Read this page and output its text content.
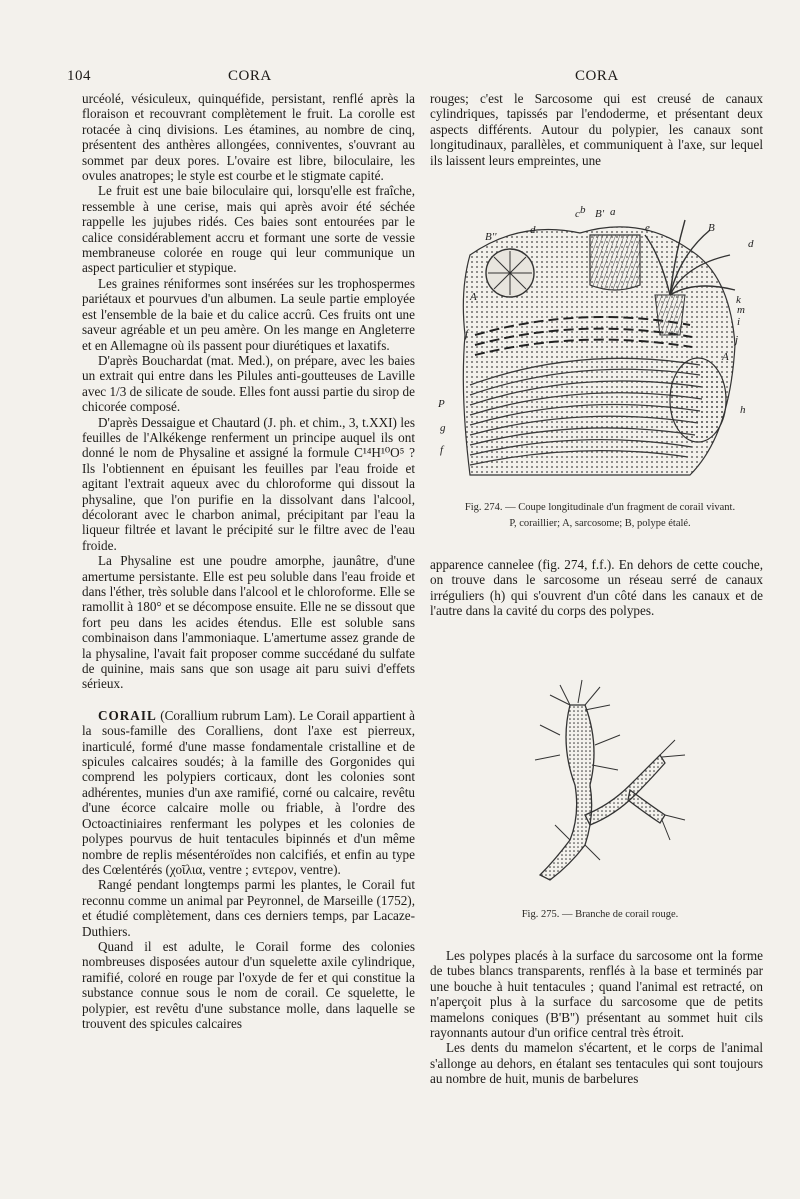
104	CORA	CORA

urcéolé, vésiculeux, quinquéfide, persistant, renflé après la floraison et recouvrant complètement le fruit. La corolle est rotacée à cinq divisions. Les étamines, au nombre de cinq, présentent des anthères allongées, conniventes, s'ouvrant au sommet par deux pores. L'ovaire est libre, biloculaire, les ovules anatropes; le style est courbe et le stigmate capité.

Le fruit est une baie biloculaire qui, lorsqu'elle est fraîche, ressemble à une cerise, mais qui après avoir été séchée rappelle les jujubes ridés. Ces baies sont entourées par le calice considérablement accru et formant une sorte de vessie membraneuse colorée en rouge qui leur communique un aspect particulier et stypique.

Les graines réniformes sont insérées sur les trophospermes pariétaux et pourvues d'un albumen. La seule partie employée est l'ensemble de la baie et du calice accrû. Ces fruits ont une saveur agréable et un peu amère. On les mange en Angleterre et en Allemagne où ils passent pour diurétiques et laxatifs.

D'après Bouchardat (mat. Med.), on prépare, avec les baies un extrait qui entre dans les Pilules anti-goutteuses de Laville avec 1/3 de silicate de soude. Elles font aussi partie du sirop de chicorée composé.

D'après Dessaigue et Chautard (J. ph. et chim., 3, t.XXI) les feuilles de l'Alkékenge renferment un principe auquel ils ont donné le nom de Physaline et assigné la formule C¹⁴H¹⁰O⁵ ? Ils l'obtiennent en épuisant les feuilles par l'eau froide et agitant l'extrait aqueux avec du chloroforme qui dissout la physaline, que l'on purifie en la dissolvant dans l'alcool, décolorant avec le charbon animal, précipitant par l'eau la liqueur filtrée et lavant le précipité sur le filtre avec de l'eau froide.

La Physaline est une poudre amorphe, jaunâtre, d'une amertume persistante. Elle est peu soluble dans l'eau froide et dans l'éther, très soluble dans l'alcool et le chloroforme. Elle se ramollit à 180° et se décompose ensuite. Elle ne se dissout que fort peu dans les acides étendus. Elle est soluble sans combinaison dans l'ammoniaque. L'amertume assez grande de la physaline, l'avait fait proposer comme succédané du sulfate de quinine, mais sans que son usage ait paru suivi d'effets sérieux.

CORAIL (Corallium rubrum Lam). Le Corail appartient à la sous-famille des Coralliens, dont l'axe est pierreux, inarticulé, formé d'une masse fondamentale cristalline et de spicules calcaires soudés; à la famille des Gorgonides qui comprend les polypiers corticaux, dont les colonies sont adhérentes, munies d'un axe ramifié, corné ou calcaire, revêtu d'une écorce calcaire molle ou friable, à l'ordre des Octoactiniaires renfermant les polypes et les colonies de polypes pourvus de huit tentacules bipinnés et d'un même nombre de replis mésentéroïdes non calcifiés, et enfin au type des Cœlentérés (χοῖλια, ventre ; εντερον, ventre).

Rangé pendant longtemps parmi les plantes, le Corail fut reconnu comme un animal par Peyronnel, de Marseille (1752), et étudié complètement, dans ces derniers temps, par Lacaze-Duthiers.

Quand il est adulte, le Corail forme des colonies nombreuses disposées autour d'un squelette axile cylindrique, ramifié, coloré en rouge par l'oxyde de fer et qui constitue la substance connue sous le nom de corail. Ce squelette, le polypier, est revêtu d'une substance molle, dans laquelle se trouvent des spicules calcaires

rouges; c'est le Sarcosome qui est creusé de canaux cylindriques, tapissés par l'endoderme, et présentant deux aspects différents. Autour du polypier, les canaux sont longitudinaux, parallèles, et communiquent à l'axe, sur lequel ils laissent leurs empreintes, une

c b B' a
e
B''
d	B
d
A	k
m
i
j
f
A
P
g
f
h
Fig. 274. — Coupe longitudinale d'un fragment de corail vivant.
P, coraillier; A, sarcosome; B, polype étalé.

apparence cannelee (fig. 274, f.f.). En dehors de cette couche, on trouve dans le sarcosome un réseau serré de canaux irréguliers (h) qui s'ouvrent d'un côté dans les canaux et de l'autre dans la cavité du corps des polypes.

Fig. 275. — Branche de corail rouge.

Les polypes placés à la surface du sarcosome ont la forme de tubes blancs transparents, renflés à la base et terminés par une bouche à huit tentacules ; quand l'animal est retracté, on n'aperçoit plus à la surface du sarcosome que de petits mamelons coniques (B'B'') présentant au sommet huit cils rayonnants autour d'un orifice central très étroit.

Les dents du mamelon s'écartent, et le corps de l'animal s'allonge au dehors, en étalant ses tentacules qui sont toujours au nombre de huit, munis de barbelures
